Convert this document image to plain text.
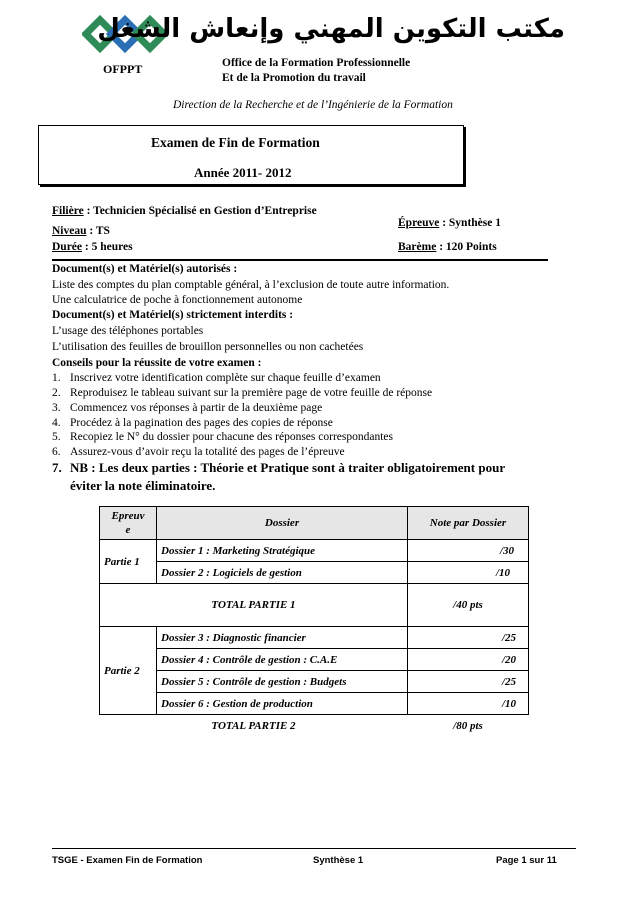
OFPPT
مكتب التكوين المهني وإنعاش الشغل
Office de la Formation Professionnelle
Et de la Promotion du travail
Direction de la Recherche et de l’Ingénierie de la Formation
Examen de Fin de Formation
Année 2011- 2012
Filière : Technicien Spécialisé en Gestion d’Entreprise
Épreuve : Synthèse 1
Niveau : TS
Durée : 5 heures	Barème : 120 Points
Document(s) et Matériel(s) autorisés :
Liste des comptes du plan comptable général, à l’exclusion de toute autre information.
Une calculatrice de poche à fonctionnement autonome
Document(s) et Matériel(s) strictement interdits :
L’usage des téléphones portables
L’utilisation des feuilles de brouillon personnelles ou non cachetées
Conseils pour la réussite de votre examen :
1. Inscrivez votre identification complète sur chaque feuille d’examen
2. Reproduisez le tableau suivant sur la première page de votre feuille de réponse
3. Commencez vos réponses à partir de la deuxième page
4. Procédez à la pagination des pages des copies de réponse
5. Recopiez le N° du dossier pour chacune des réponses correspondantes
6. Assurez-vous d’avoir reçu la totalité des pages de l’épreuve
7. NB : Les deux parties : Théorie et Pratique sont à traiter obligatoirement pour
éviter la note éliminatoire.
Epreuv
e	Dossier	Note par Dossier
Partie 1	Dossier 1 : Marketing Stratégique	/30
	Dossier 2 : Logiciels de gestion	/10
TOTAL PARTIE 1		/40 pts
Partie 2	Dossier 3 : Diagnostic financier	/25
	Dossier 4 : Contrôle de gestion : C.A.E	/20
	Dossier 5 : Contrôle de gestion : Budgets	/25
	Dossier 6 : Gestion de production	/10
TOTAL PARTIE 2		/80 pts
TSGE - Examen Fin de Formation	Synthèse 1	Page 1 sur 11
